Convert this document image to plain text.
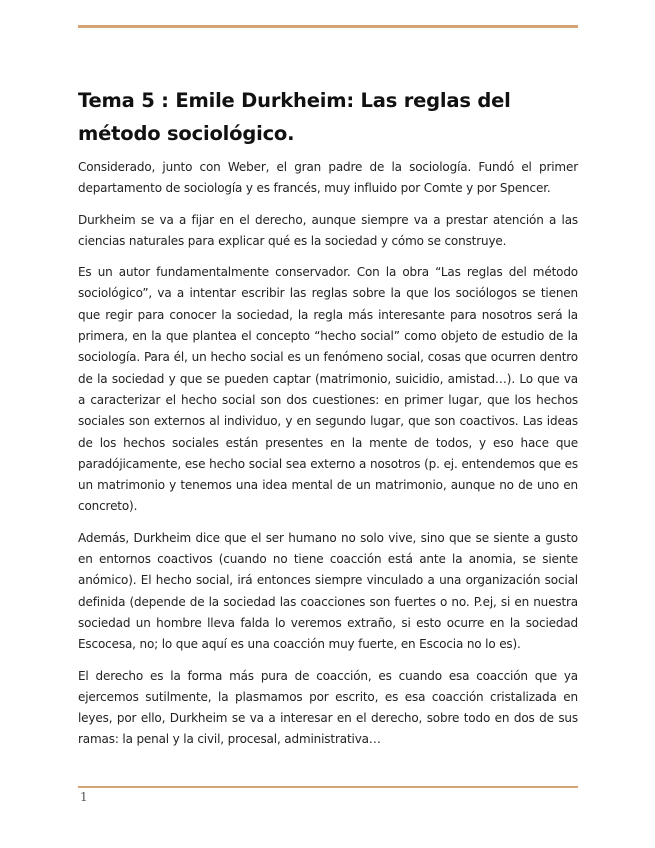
Tema 5 : Emile Durkheim: Las reglas del método sociológico.

Considerado, junto con Weber, el gran padre de la sociología. Fundó el primer departamento de sociología y es francés, muy influido por Comte y por Spencer.

Durkheim se va a fijar en el derecho, aunque siempre va a prestar atención a las ciencias naturales para explicar qué es la sociedad y cómo se construye.

Es un autor fundamentalmente conservador. Con la obra “Las reglas del método sociológico”, va a intentar escribir las reglas sobre la que los sociólogos se tienen que regir para conocer la sociedad, la regla más interesante para nosotros será la primera, en la que plantea el concepto “hecho social” como objeto de estudio de la sociología. Para él, un hecho social es un fenómeno social, cosas que ocurren dentro de la sociedad y que se pueden captar (matrimonio, suicidio, amistad…). Lo que va a caracterizar el hecho social son dos cuestiones: en primer lugar, que los hechos sociales son externos al individuo, y en segundo lugar, que son coactivos. Las ideas de los hechos sociales están presentes en la mente de todos, y eso hace que paradójicamente, ese hecho social sea externo a nosotros (p. ej. entendemos que es un matrimonio y tenemos una idea mental de un matrimonio, aunque no de uno en concreto).

Además, Durkheim dice que el ser humano no solo vive, sino que se siente a gusto en entornos coactivos (cuando no tiene coacción está ante la anomia, se siente anómico). El hecho social, irá entonces siempre vinculado a una organización social definida (depende de la sociedad las coacciones son fuertes o no. P.ej, si en nuestra sociedad un hombre lleva falda lo veremos extraño, si esto ocurre en la sociedad Escocesa, no; lo que aquí es una coacción muy fuerte, en Escocia no lo es).

El derecho es la forma más pura de coacción, es cuando esa coacción que ya ejercemos sutilmente, la plasmamos por escrito, es esa coacción cristalizada en leyes, por ello, Durkheim se va a interesar en el derecho, sobre todo en dos de sus ramas: la penal y la civil, procesal, administrativa…

1
